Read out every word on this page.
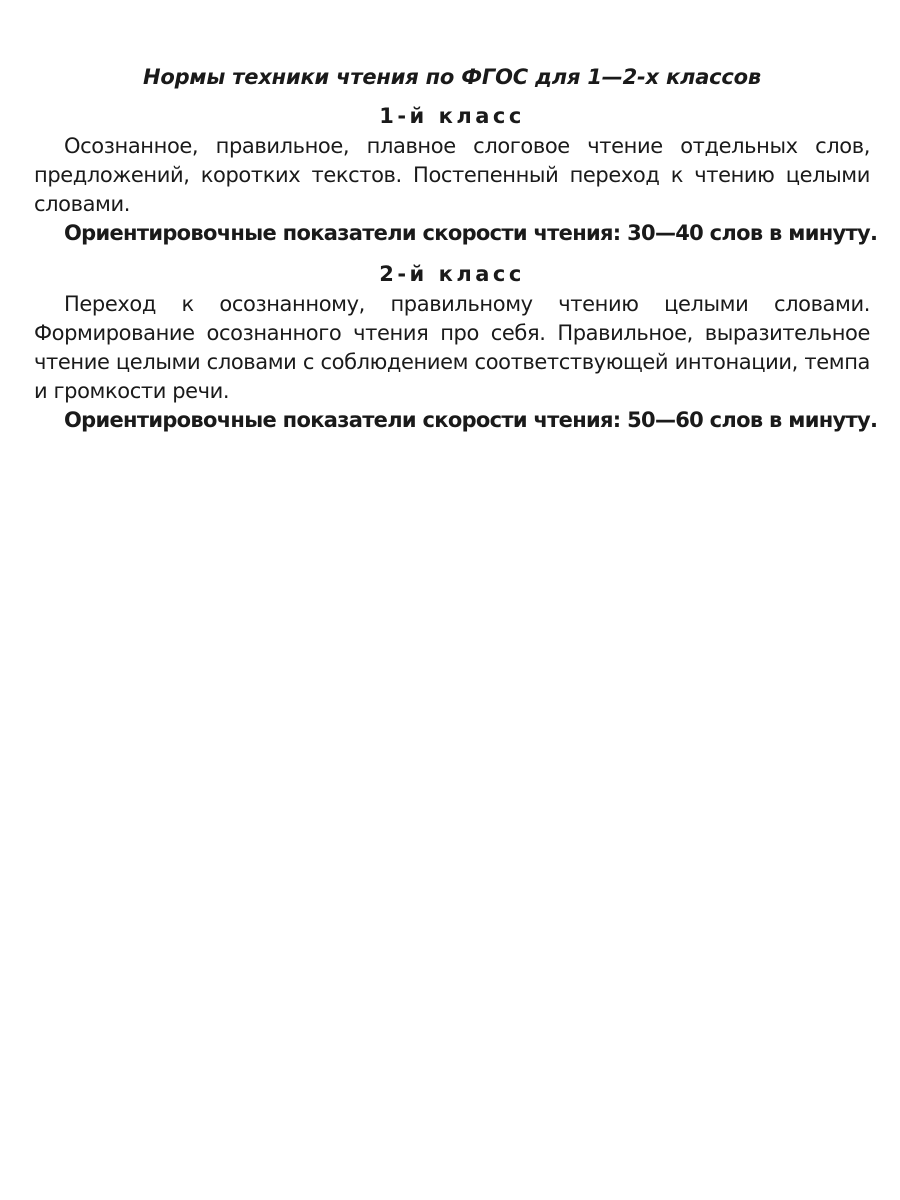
Нормы техники чтения по ФГОС для 1—2-х классов
1-й класс

Осознанное, правильное, плавное слоговое чтение отдельных слов, предложений, коротких текстов. Постепенный переход к чтению целыми словами.

Ориентировочные показатели скорости чтения: 30—40 слов в минуту.

2-й класс

Переход к осознанному, правильному чтению целыми словами. Формирование осознанного чтения про себя. Правильное, выразительное чтение целыми словами с соблюдением соответствующей интонации, темпа и громкости речи.

Ориентировочные показатели скорости чтения: 50—60 слов в минуту.
